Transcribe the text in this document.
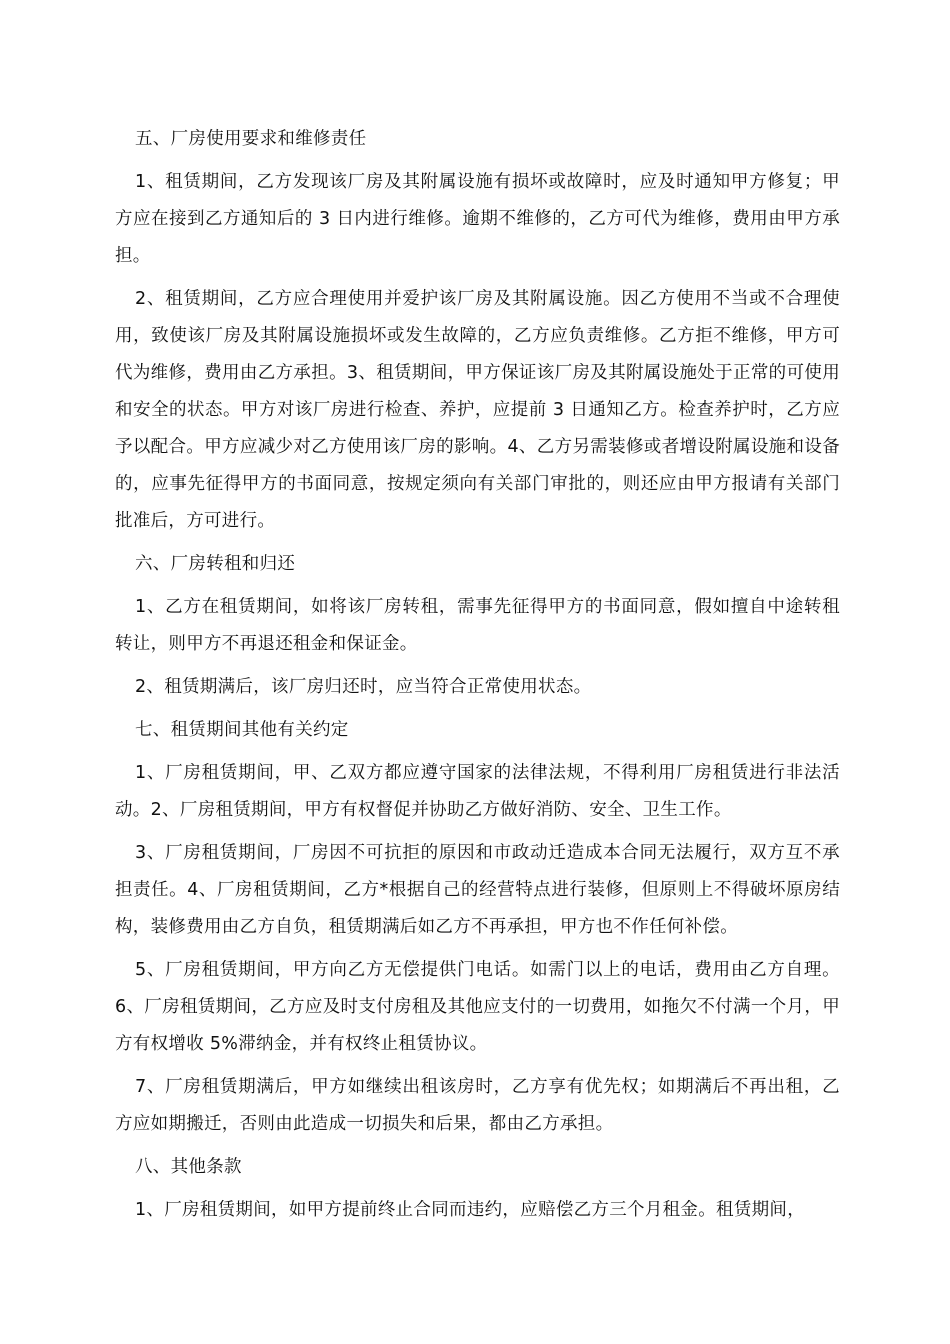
五、厂房使用要求和维修责任

1、租赁期间，乙方发现该厂房及其附属设施有损坏或故障时，应及时通知甲方修复；甲方应在接到乙方通知后的 3 日内进行维修。逾期不维修的，乙方可代为维修，费用由甲方承担。

2、租赁期间，乙方应合理使用并爱护该厂房及其附属设施。因乙方使用不当或不合理使用，致使该厂房及其附属设施损坏或发生故障的，乙方应负责维修。乙方拒不维修，甲方可代为维修，费用由乙方承担。3、租赁期间，甲方保证该厂房及其附属设施处于正常的可使用和安全的状态。甲方对该厂房进行检查、养护，应提前 3 日通知乙方。检查养护时，乙方应予以配合。甲方应减少对乙方使用该厂房的影响。4、乙方另需装修或者增设附属设施和设备的，应事先征得甲方的书面同意，按规定须向有关部门审批的，则还应由甲方报请有关部门批准后，方可进行。

六、厂房转租和归还

1、乙方在租赁期间，如将该厂房转租，需事先征得甲方的书面同意，假如擅自中途转租转让，则甲方不再退还租金和保证金。

2、租赁期满后，该厂房归还时，应当符合正常使用状态。

七、租赁期间其他有关约定

1、厂房租赁期间，甲、乙双方都应遵守国家的法律法规，不得利用厂房租赁进行非法活动。2、厂房租赁期间，甲方有权督促并协助乙方做好消防、安全、卫生工作。

3、厂房租赁期间，厂房因不可抗拒的原因和市政动迁造成本合同无法履行，双方互不承担责任。4、厂房租赁期间，乙方*根据自己的经营特点进行装修，但原则上不得破坏原房结构，装修费用由乙方自负，租赁期满后如乙方不再承担，甲方也不作任何补偿。

5、厂房租赁期间，甲方向乙方无偿提供门电话。如需门以上的电话，费用由乙方自理。6、厂房租赁期间，乙方应及时支付房租及其他应支付的一切费用，如拖欠不付满一个月，甲方有权增收 5%滞纳金，并有权终止租赁协议。

7、厂房租赁期满后，甲方如继续出租该房时，乙方享有优先权；如期满后不再出租，乙方应如期搬迁，否则由此造成一切损失和后果，都由乙方承担。

八、其他条款

1、厂房租赁期间，如甲方提前终止合同而违约，应赔偿乙方三个月租金。租赁期间，
